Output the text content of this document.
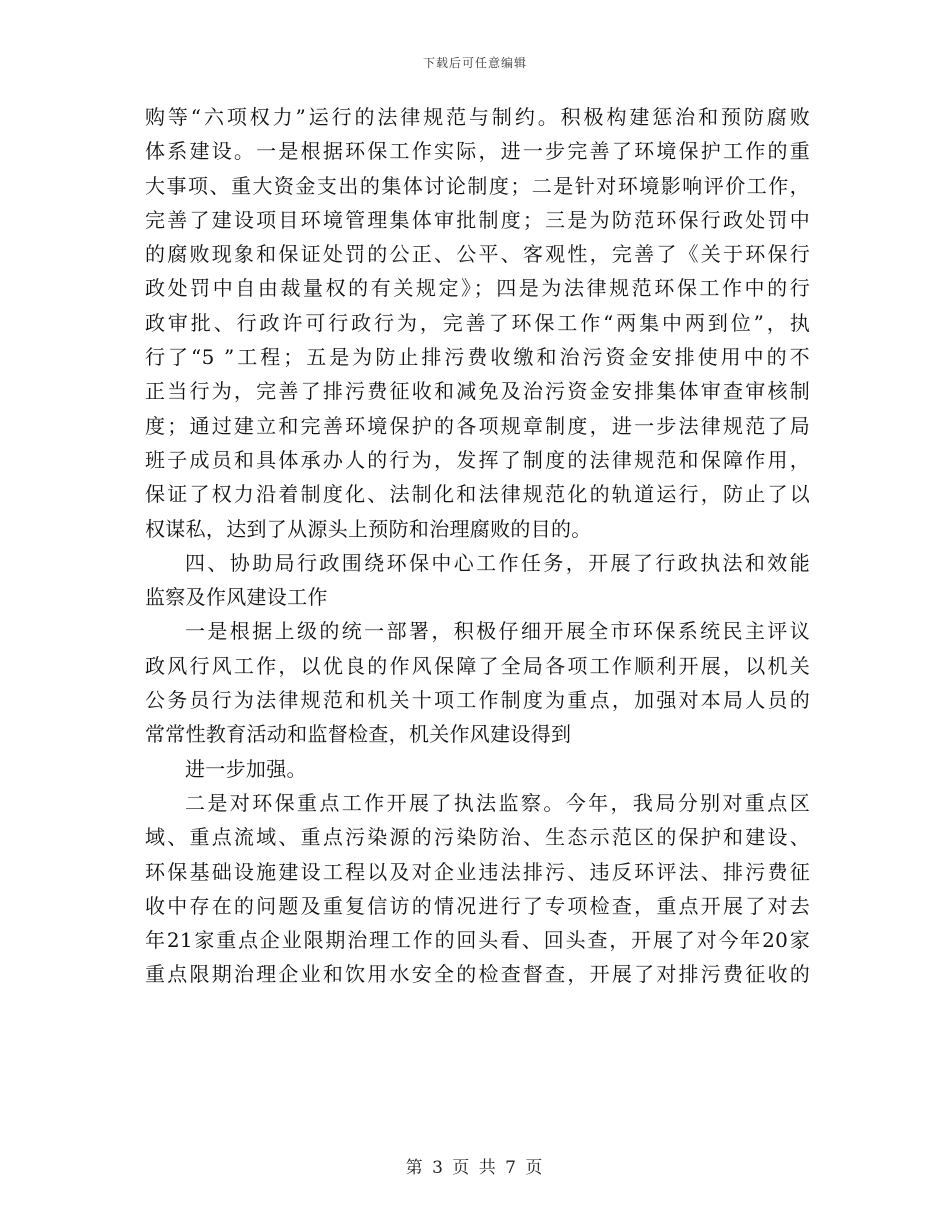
下载后可任意编辑
购等“六项权力”运行的法律规范与制约。积极构建惩治和预防腐败
体系建设。一是根据环保工作实际，进一步完善了环境保护工作的重
大事项、重大资金支出的集体讨论制度；二是针对环境影响评价工作，
完善了建设项目环境管理集体审批制度；三是为防范环保行政处罚中
的腐败现象和保证处罚的公正、公平、客观性，完善了《关于环保行
政处罚中自由裁量权的有关规定》；四是为法律规范环保工作中的行
政审批、行政许可行政行为，完善了环保工作“两集中两到位”，执
行了“5 ”工程；五是为防止排污费收缴和治污资金安排使用中的不
正当行为，完善了排污费征收和减免及治污资金安排集体审查审核制
度；通过建立和完善环境保护的各项规章制度，进一步法律规范了局
班子成员和具体承办人的行为，发挥了制度的法律规范和保障作用，
保证了权力沿着制度化、法制化和法律规范化的轨道运行，防止了以
权谋私，达到了从源头上预防和治理腐败的目的。
四、协助局行政围绕环保中心工作任务，开展了行政执法和效能
监察及作风建设工作
一是根据上级的统一部署，积极仔细开展全市环保系统民主评议
政风行风工作，以优良的作风保障了全局各项工作顺利开展，以机关
公务员行为法律规范和机关十项工作制度为重点，加强对本局人员的
常常性教育活动和监督检查，机关作风建设得到
进一步加强。
二是对环保重点工作开展了执法监察。今年，我局分别对重点区
域、重点流域、重点污染源的污染防治、生态示范区的保护和建设、
环保基础设施建设工程以及对企业违法排污、违反环评法、排污费征
收中存在的问题及重复信访的情况进行了专项检查，重点开展了对去
年21家重点企业限期治理工作的回头看、回头查，开展了对今年20家
重点限期治理企业和饮用水安全的检查督查，开展了对排污费征收的
第 3 页 共 7 页
